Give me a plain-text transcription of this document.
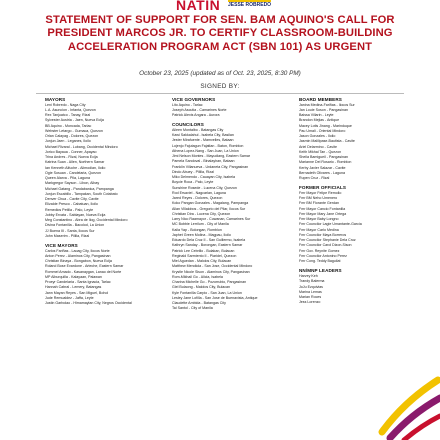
NATIN JESSE ROBREDO
STATEMENT OF SUPPORT FOR SEN. BAM AQUINO'S CALL FOR PRESIDENT MARCOS JR. TO CERTIFY CLASSROOM-BUILDING ACCELERATION PROGRAM ACT (SBN 101) AS URGENT
October 23, 2025 (updated as of Oct. 23, 2025, 8:30 PM)
SIGNED BY:
MAYORS
Leni Robredo - Naga City
L.A. Asuncion - Infanta, Quezon
Rex Tanjuatco - Tanay, Rizal
Sylvester Austria - Jaen, Nueva Ecija
BB Aquino - Moncada, Tarlac
Webster Letargo - Gumaca, Quezon
Orlan Calayag - Dolores, Quezon
Junjun Jaen - Leganes, Iloilo
Michael Rivaral - Lubang, Occidental Mindoro
Jorico Bayaua - Conner, Apayao
Trina Andres - Rizal, Nueva Ecija
Katrina Suan - Allen, Northern Samar
Ian Kenneth Alfuche - Alimodian, Iloilo
Ogie Sosuan - Candelaria, Quezon
Queen Alarva - Pila, Laguna
Markgregor Sayson - Libon, Albay
Michael Gatang - Pandabanica, Pampanga
Junjun Escabillo - Tampakan, South Cotabato
Denver Chua - Cavite City, Cavite
Elizalde Presco - Cabatuan, Iloilo
Remedios Petilla - Palo, Leyte
Jobby Ervata - Sablayan, Nueva Ecija
Meg Constantino - Abra de Ilog, Occidental Mindoro
Divina Fontanilla - Bacolod, La Union
JJ Buena III - Santa, Ilocos Sur
John Maserim - Pililla, Rizal
VICE MAYORS
Carlos Fariñas - Laoag City, Ilocos Norte
Anton Perez - Alaminos City, Pangasinan
Christian Binaya - Bongabon, Nueva Ecija
Roland Bose Evardone - Arteche, Eastern Samar
Rommel Amado - Kasanaygan, Lanao del Norte
MP Alburquilla - Kalayaan, Palawan
Proeyr Candelaria - Santa Ignacia, Tarlac
Hannah Cabral - Lemery, Batangas
Jann Mayan Reyes - San Miguel, Bohol
Jude Remualdez - Jaffa, Leyte
Justin Garbolao - Himamaylan City, Negros Occidental
VICE GOVERNORS
Lito Aquino - Tarlac
Joseph Ascutia - Camarines Norte
Patrick Alexis Angara - Aurora
COUNCILORS
Aileen Montalbo - Batangas City
Kawi Sakkalahul - Isabela City, Basilan
Jester Mirafuente - Mamvelles, Bataan
Lojenjo Fajutagun Fajatlan - Baton, Romblon
Athena Lopez-Nang - San Juan, La Union
Jimi Nelson Montes - Mayudiang, Eastern Samar
Pamela Sandoval - Binalayhan, Bataan
Franklin Villanueva - Urdaneta City, Pangasinan
Dindo Abuey - Pililla, Rizal
Miko Delmendo - Cauayan City, Isabela
Boycie Roca - Palo, Leyte
Sunshine Rosede - Lucena City, Quezon
Rod Ersaviel - Nagcarlan, Laguna
Jared Reyes - Dolores, Quezon
Koko Pangan Gonzales - Magalang, Pampanga
Allan Villalobos - Gregorio del Pilar, Ilocos Sur
Christian Dira - Lucena City, Quezon
Larry Nico Raamayor - Cuwanan, Camarines Sur
MC Bobbie Lerrilum - City of Manila
Kaila Yap - Bolongan, Romblon
Japhet Green Molina - Magpau, Iloilo
Eduardo Dela Cruz II - San Guillermo, Isabela
Kathryn Sanday - Borongan, Eastern Samar
Patrick Lee Cebrillo - Bulakan, Bulacan
Reginald Sarmiento II - Plaridel, Quezon
Miel Aguedan - Malolos City, Bulacan
Matthew Mendiola - San Jose, Occidental Mindoro
Krystle Nicole Sison - Alaminos City, Pangasinan
Rom-Mikhail Go - Alicia, Isabela
Charina Michelle Go - Pozorrubio, Pangasinan
Giel Bulaong - Malolos City, Bulacan
Kyle Fontanilla Carpio - San Juan, La Union
Lesley Jane Lofilla - San Jose de Buenavista, Antique
Claudette Ambida - Batangas City
Tai Santol - City of Manila
BOARD MEMBERS
Janina Medina-Fariñas - Ilocos Sur
Jan Louie Soson - Pangasinan
Baissa Villarin - Leyte
Brandon Mejias - Antique
Macey Lotis Jinang - Marinduque
Pau Umali - Oriental Mindoro
Jason Gonzales - Iloilo
Jasmin Malilipase-Bautista - Cavite
Ariel Delarmino - Cavite
Keith Mikhal Tan - Quezon
Sheila Bamigueil - Pangasinan
Marianne Del Rosario - Romblon
Kerby Javier Salazar - Cavite
Bernadeth Olivares - Laguna
Rupen Cruz - Rizal
FORMER OFFICIALS
Fmr Mayor Felipe Remollo
Fmr BM Neho Umenero
Fmr BM Florante Gerdan
Fmr Mayor Cancio Fontanilla
Fmr Mayor Mary Jane Ortega
Fmr Mayor Baby Longno
Fmr Councilor Lagie Umantante-Garcia
Fmr Mayor Carlo Medina
Fmr Councilor Maya Borreros
Fmr Councilor Stephanie Dela Cruz
Fmr Councilor Carol Dizon-Sison
Fmr Gov. Reynite Gomez
Fmr Councilor Antonino Perez
Fmr Cong. Teddy Baguilat
NN/MNP LEADERS
Harvey Keh
Trandy Balerma
JoJu Ezquivias
Marina Lemas
Marian Roces
Jess Lorenzo
